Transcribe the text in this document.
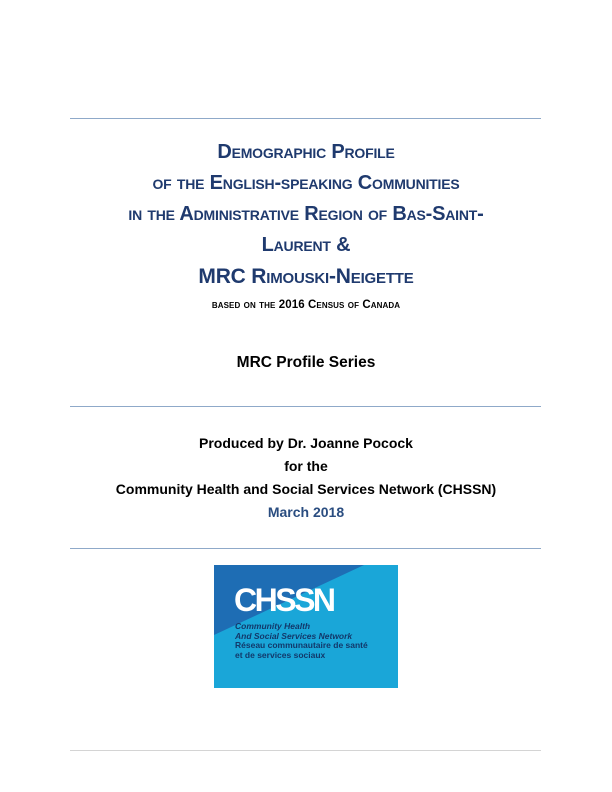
Demographic Profile
of the English-speaking Communities
in the Administrative Region of Bas-Saint-
Laurent &
MRC Rimouski-Neigette
based on the 2016 Census of Canada
MRC Profile Series
Produced by Dr. Joanne Pocock
for the
Community Health and Social Services Network (CHSSN)
March 2018
CHSSN
Community Health
And Social Services Network
Réseau communautaire de santé
et de services sociaux
